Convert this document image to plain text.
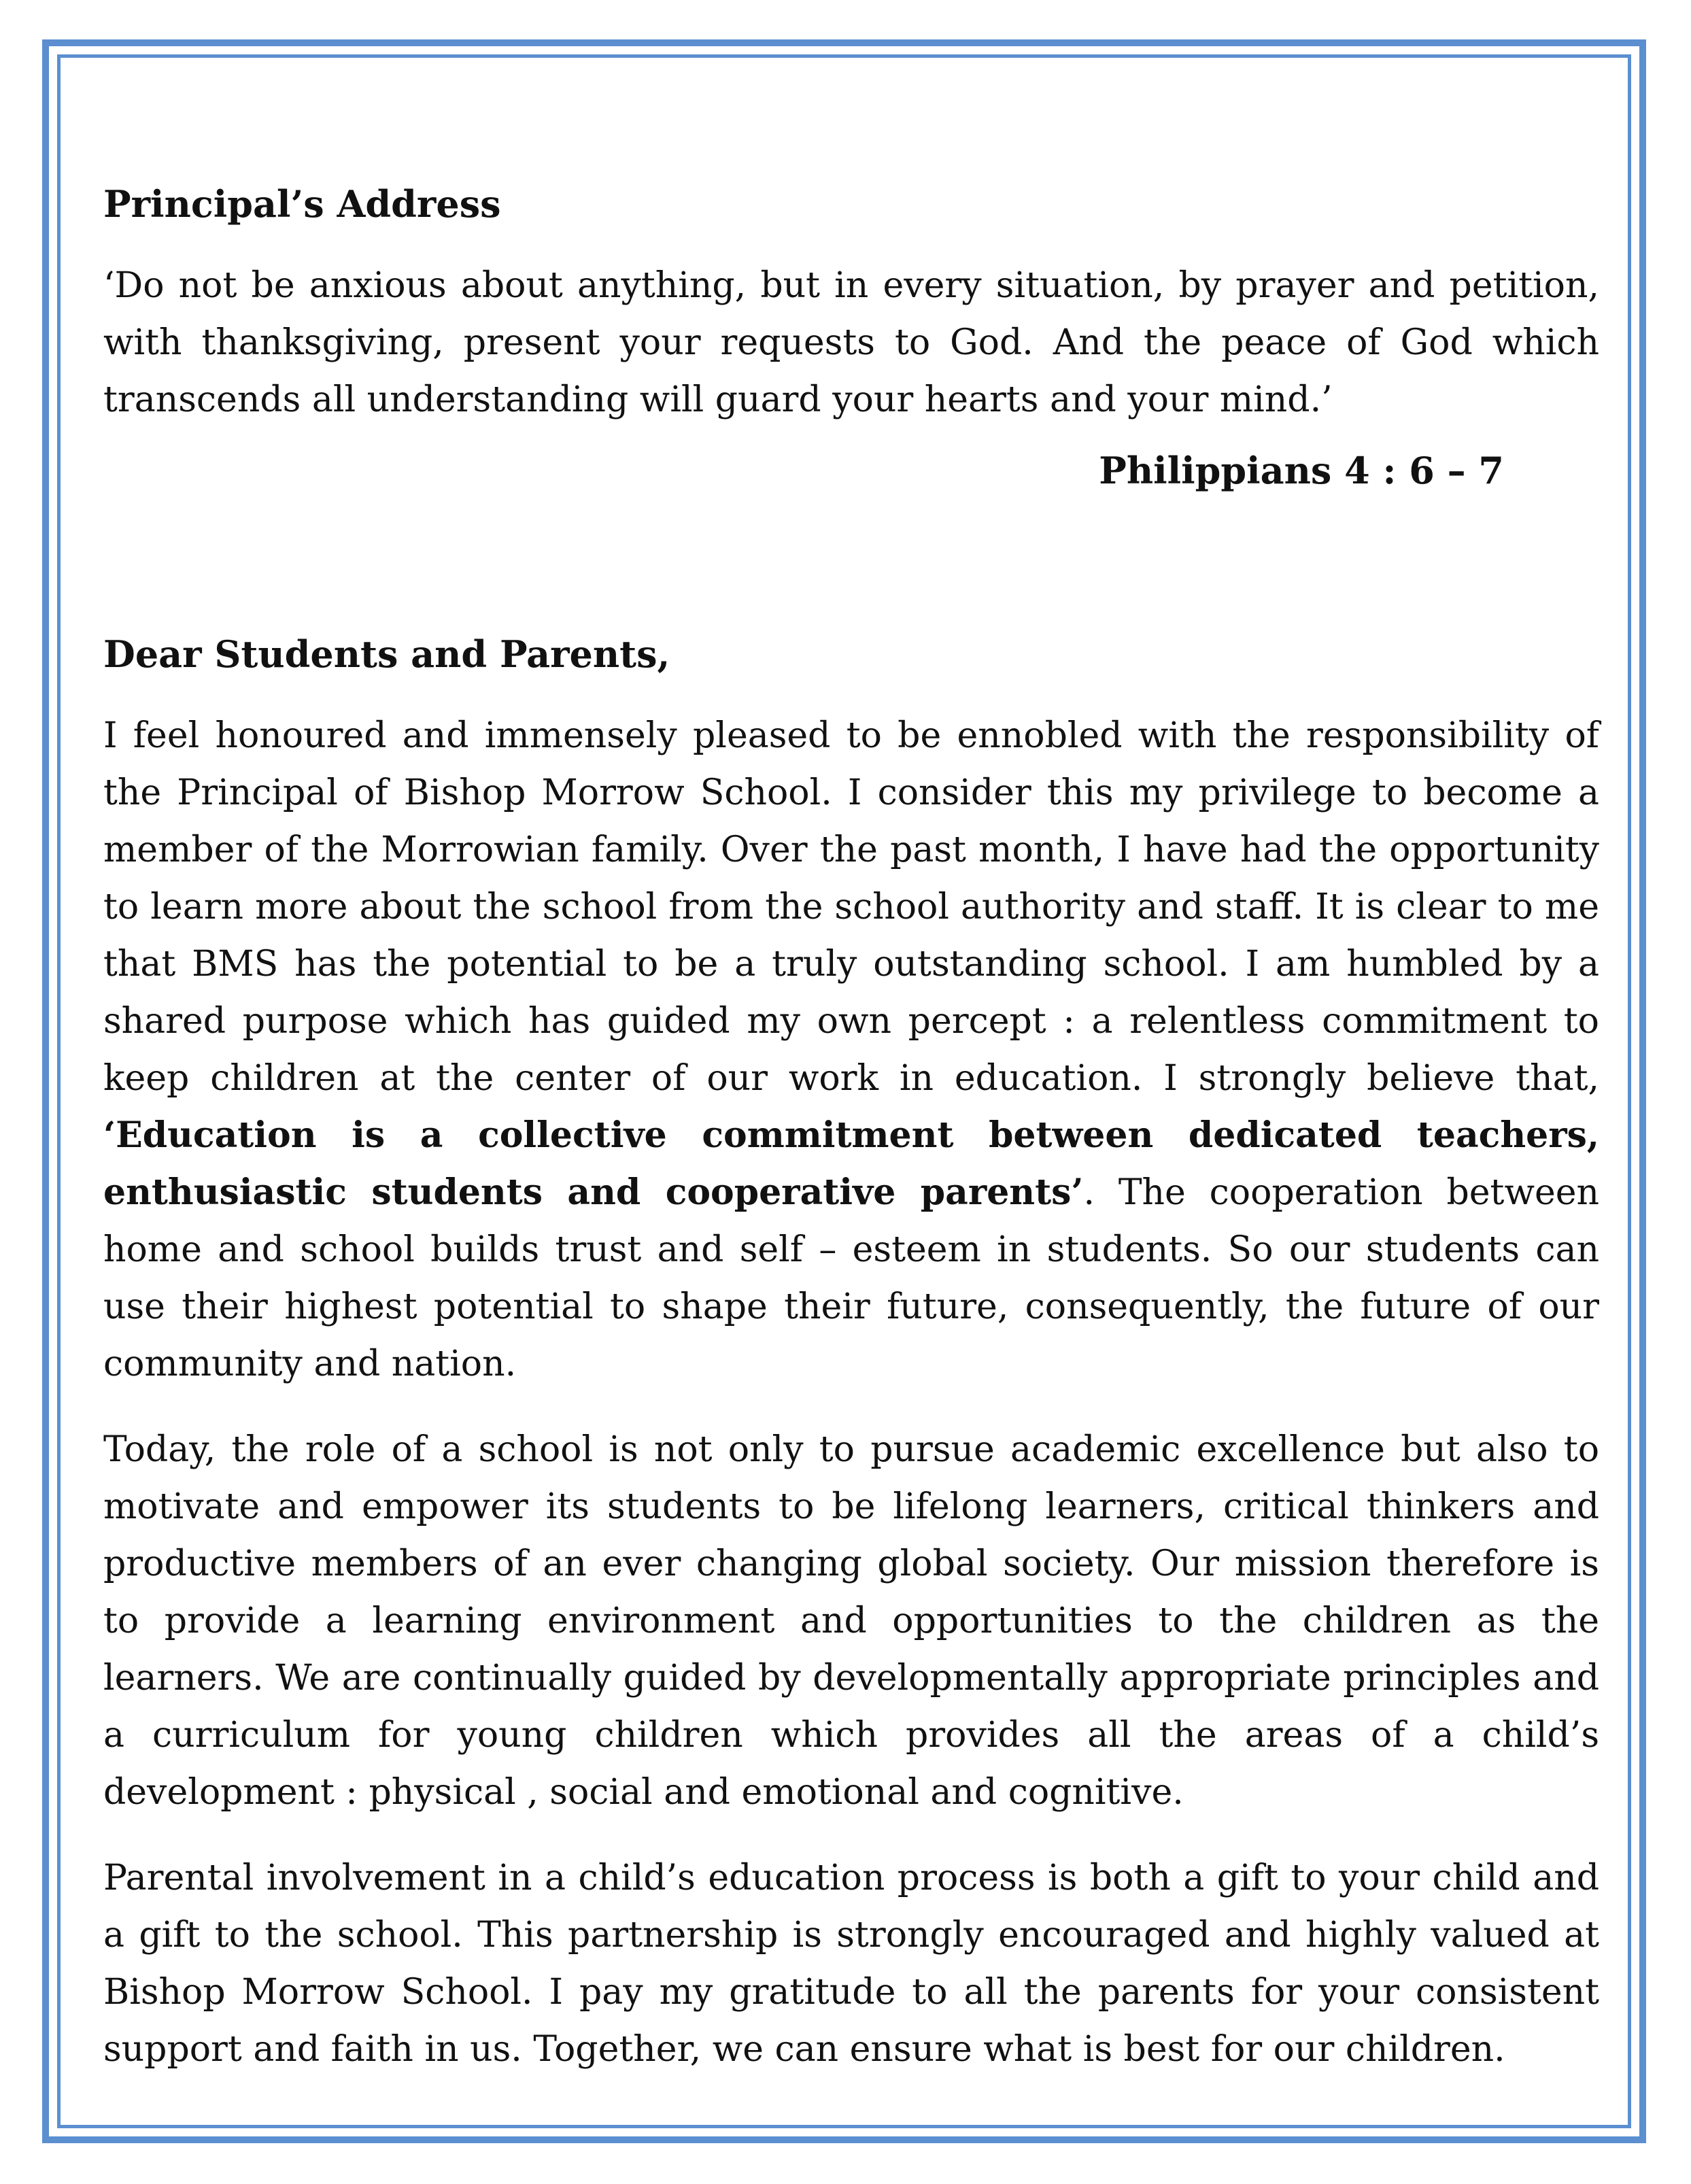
Principal’s Address

‘Do not be anxious about anything, but in every situation, by prayer and petition, with thanksgiving, present your requests to God. And the peace of God which transcends all understanding will guard your hearts and your mind.’

Philippians 4 : 6 – 7
Dear Students and Parents,

I feel honoured and immensely pleased to be ennobled with the responsibility of the Principal of Bishop Morrow School. I consider this my privilege to become a member of the Morrowian family. Over the past month, I have had the opportunity to learn more about the school from the school authority and staff. It is clear to me that BMS has the potential to be a truly outstanding school. I am humbled by a shared purpose which has guided my own percept : a relentless commitment to keep children at the center of our work in education. I strongly believe that, ‘Education is a collective commitment between dedicated teachers, enthusiastic students and cooperative parents’. The cooperation between home and school builds trust and self – esteem in students. So our students can use their highest potential to shape their future, consequently, the future of our community and nation.

Today, the role of a school is not only to pursue academic excellence but also to motivate and empower its students to be lifelong learners, critical thinkers and productive members of an ever changing global society. Our mission therefore is to provide a learning environment and opportunities to the children as the learners. We are continually guided by developmentally appropriate principles and a curriculum for young children which provides all the areas of a child’s development : physical , social and emotional and cognitive.

Parental involvement in a child’s education process is both a gift to your child and a gift to the school. This partnership is strongly encouraged and highly valued at Bishop Morrow School. I pay my gratitude to all the parents for your consistent support and faith in us. Together, we can ensure what is best for our children.
